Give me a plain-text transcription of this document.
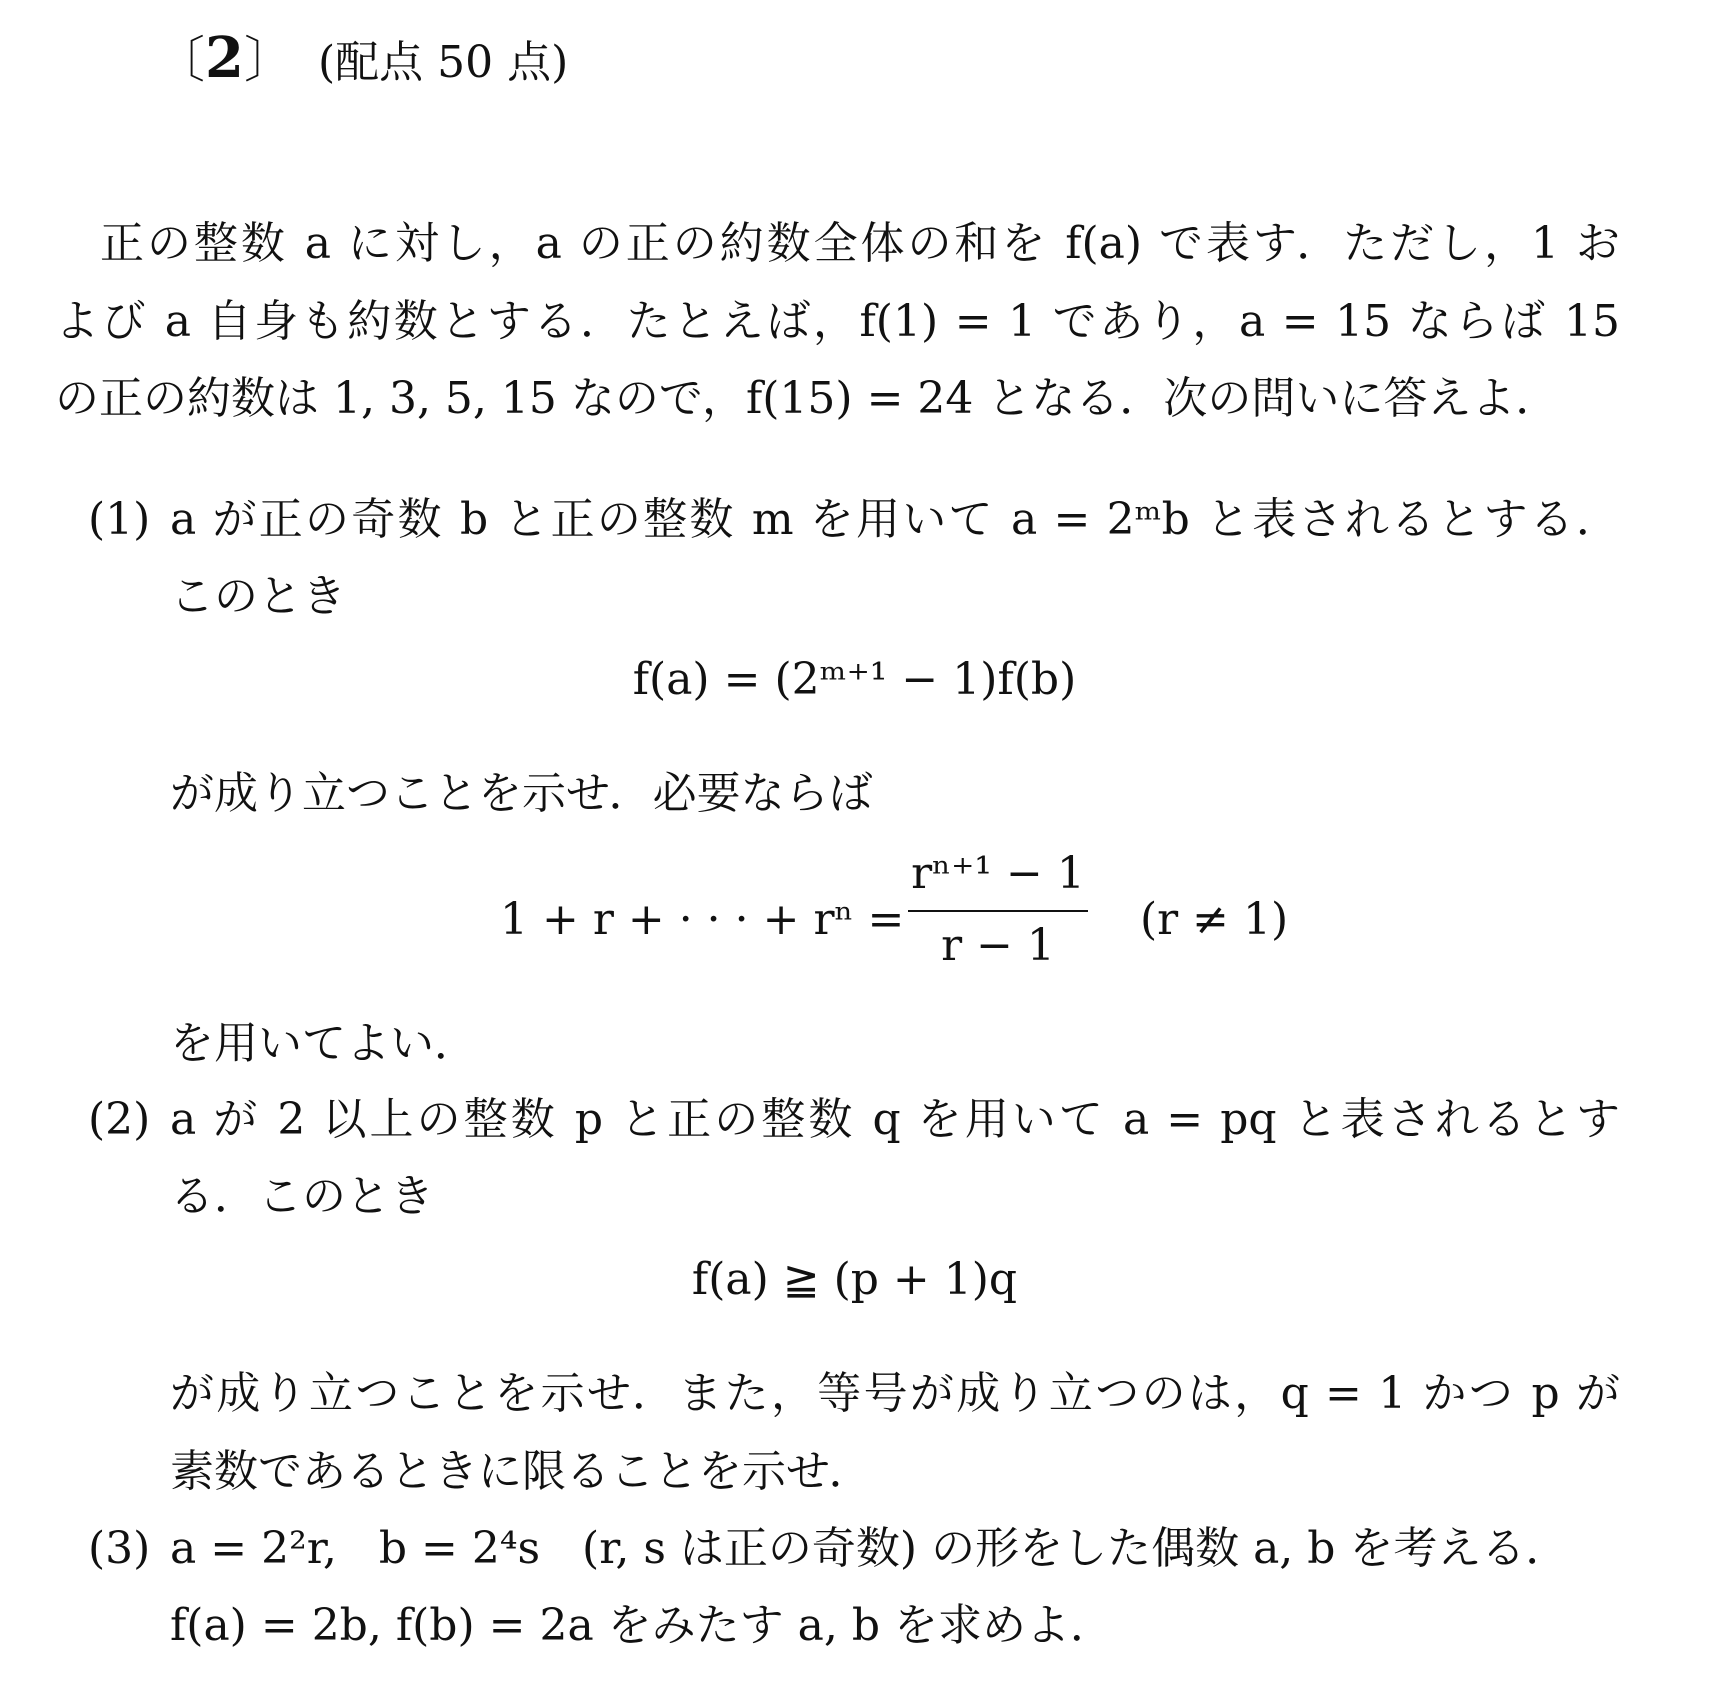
〔2〕 (配点 50 点)
正の整数 a に対し，a の正の約数全体の和を f(a) で表す．ただし，1 お
よび a 自身も約数とする．たとえば，f(1) = 1 であり，a = 15 ならば 15
の正の約数は 1, 3, 5, 15 なので，f(15) = 24 となる．次の問いに答えよ．
(1) a が正の奇数 b と正の整数 m を用いて a = 2ᵐb と表されるとする．
このとき
f(a) = (2ᵐ⁺¹ − 1)f(b)
が成り立つことを示せ．必要ならば
1 + r + · · · + rⁿ =
rⁿ⁺¹ − 1
r − 1
(r ≠ 1)
を用いてよい．
(2) a が 2 以上の整数 p と正の整数 q を用いて a = pq と表されるとす
る．このとき
f(a) ≧ (p + 1)q
が成り立つことを示せ．また，等号が成り立つのは，q = 1 かつ p が
素数であるときに限ることを示せ．
(3) a = 2²r,   b = 2⁴s   (r, s は正の奇数) の形をした偶数 a, b を考える．
f(a) = 2b, f(b) = 2a をみたす a, b を求めよ．
